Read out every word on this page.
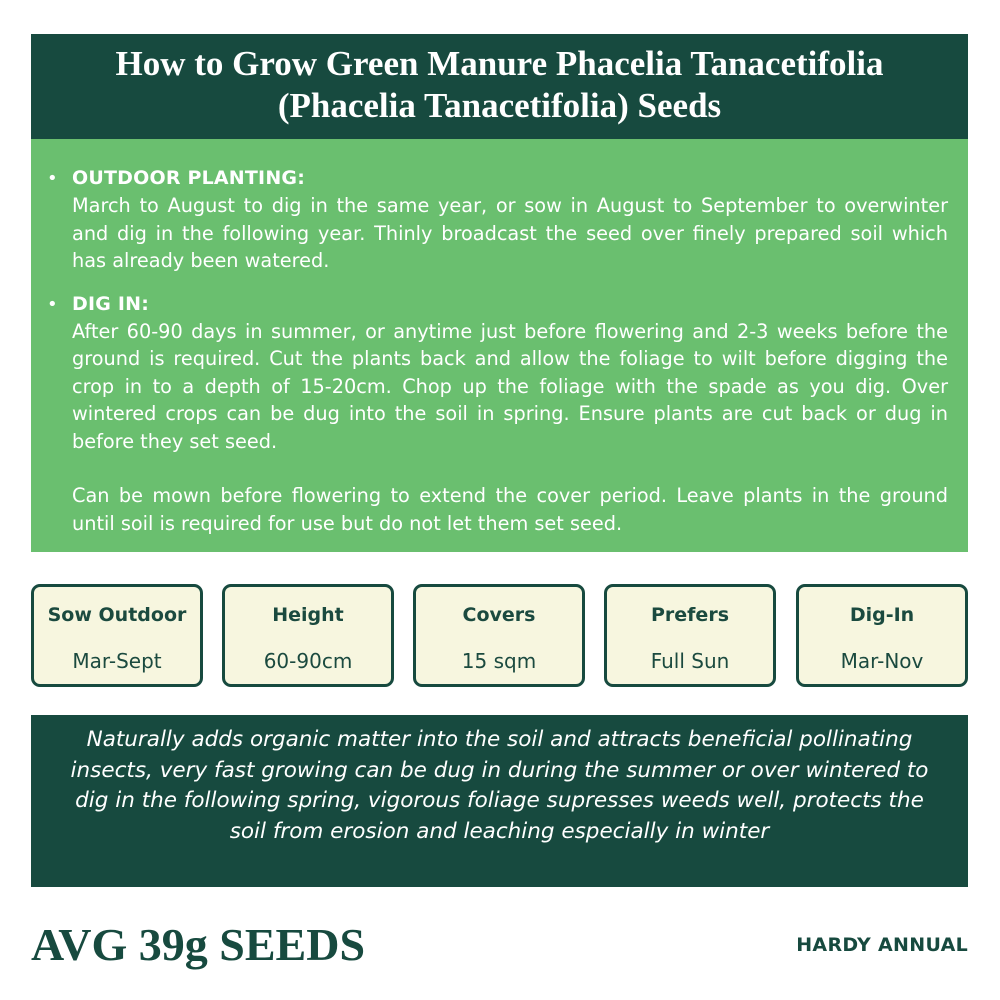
How to Grow Green Manure Phacelia Tanacetifolia
(Phacelia Tanacetifolia) Seeds
• OUTDOOR PLANTING:
March to August to dig in the same year, or sow in August to September to overwinter and dig in the following year. Thinly broadcast the seed over finely prepared soil which has already been watered.
• DIG IN:
After 60-90 days in summer, or anytime just before flowering and 2-3 weeks before the ground is required. Cut the plants back and allow the foliage to wilt before digging the crop in to a depth of 15-20cm. Chop up the foliage with the spade as you dig. Over wintered crops can be dug into the soil in spring. Ensure plants are cut back or dug in before they set seed.
Can be mown before flowering to extend the cover period. Leave plants in the ground until soil is required for use but do not let them set seed.
Sow Outdoor
Mar-Sept
Height
60-90cm
Covers
15 sqm
Prefers
Full Sun
Dig-In
Mar-Nov
Naturally adds organic matter into the soil and attracts beneficial pollinating insects, very fast growing can be dug in during the summer or over wintered to dig in the following spring, vigorous foliage supresses weeds well, protects the soil from erosion and leaching especially in winter
AVG 39g SEEDS	HARDY ANNUAL
